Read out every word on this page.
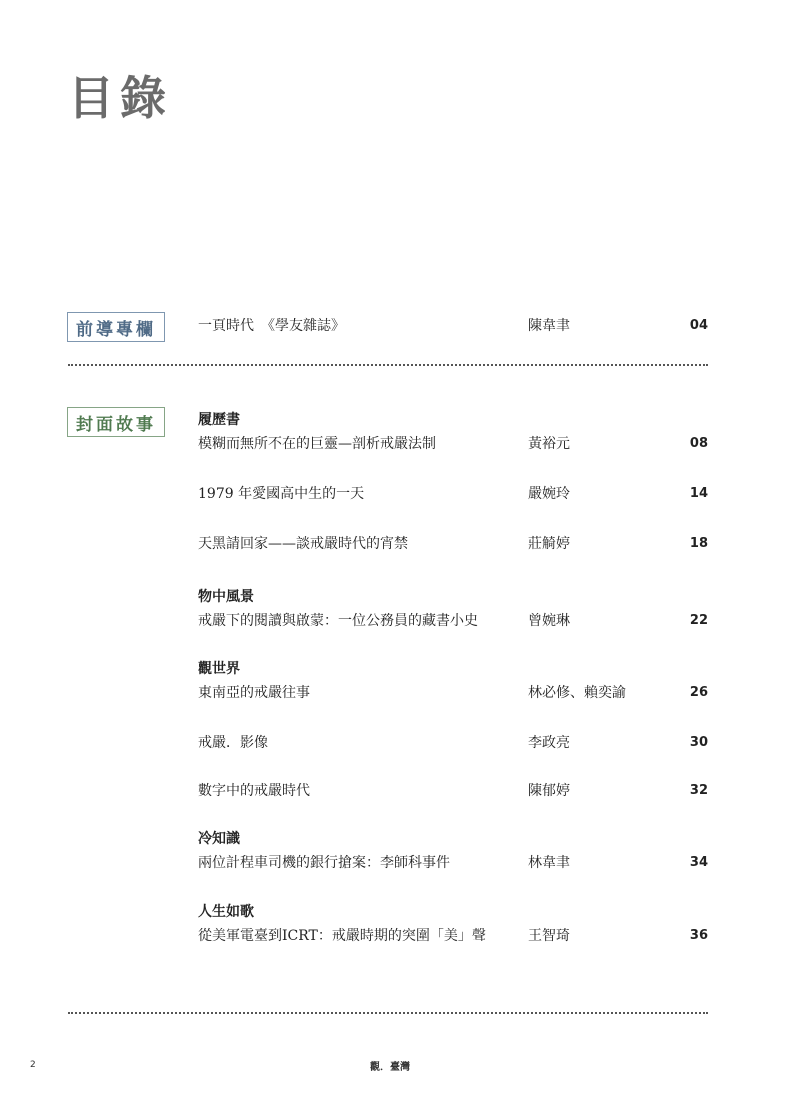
目錄
前導專欄	一頁時代　《學友雜誌》	陳韋聿	04
封面故事	履歷書
模糊而無所不在的巨靈—剖析戒嚴法制	黃裕元	08
1979 年愛國高中生的一天	嚴婉玲	14
天黑請回家——談戒嚴時代的宵禁	莊觭婷	18
物中風景
戒嚴下的閱讀與啟蒙：一位公務員的藏書小史	曾婉琳	22
觀世界
東南亞的戒嚴往事	林必修、賴奕諭	26
戒嚴．影像	李政亮	30
數字中的戒嚴時代	陳郁婷	32
冷知識
兩位計程車司機的銀行搶案：李師科事件	林韋聿	34
人生如歌
從美軍電臺到ICRT：戒嚴時期的突圍「美」聲	王智琦	36
2	觀．臺灣
